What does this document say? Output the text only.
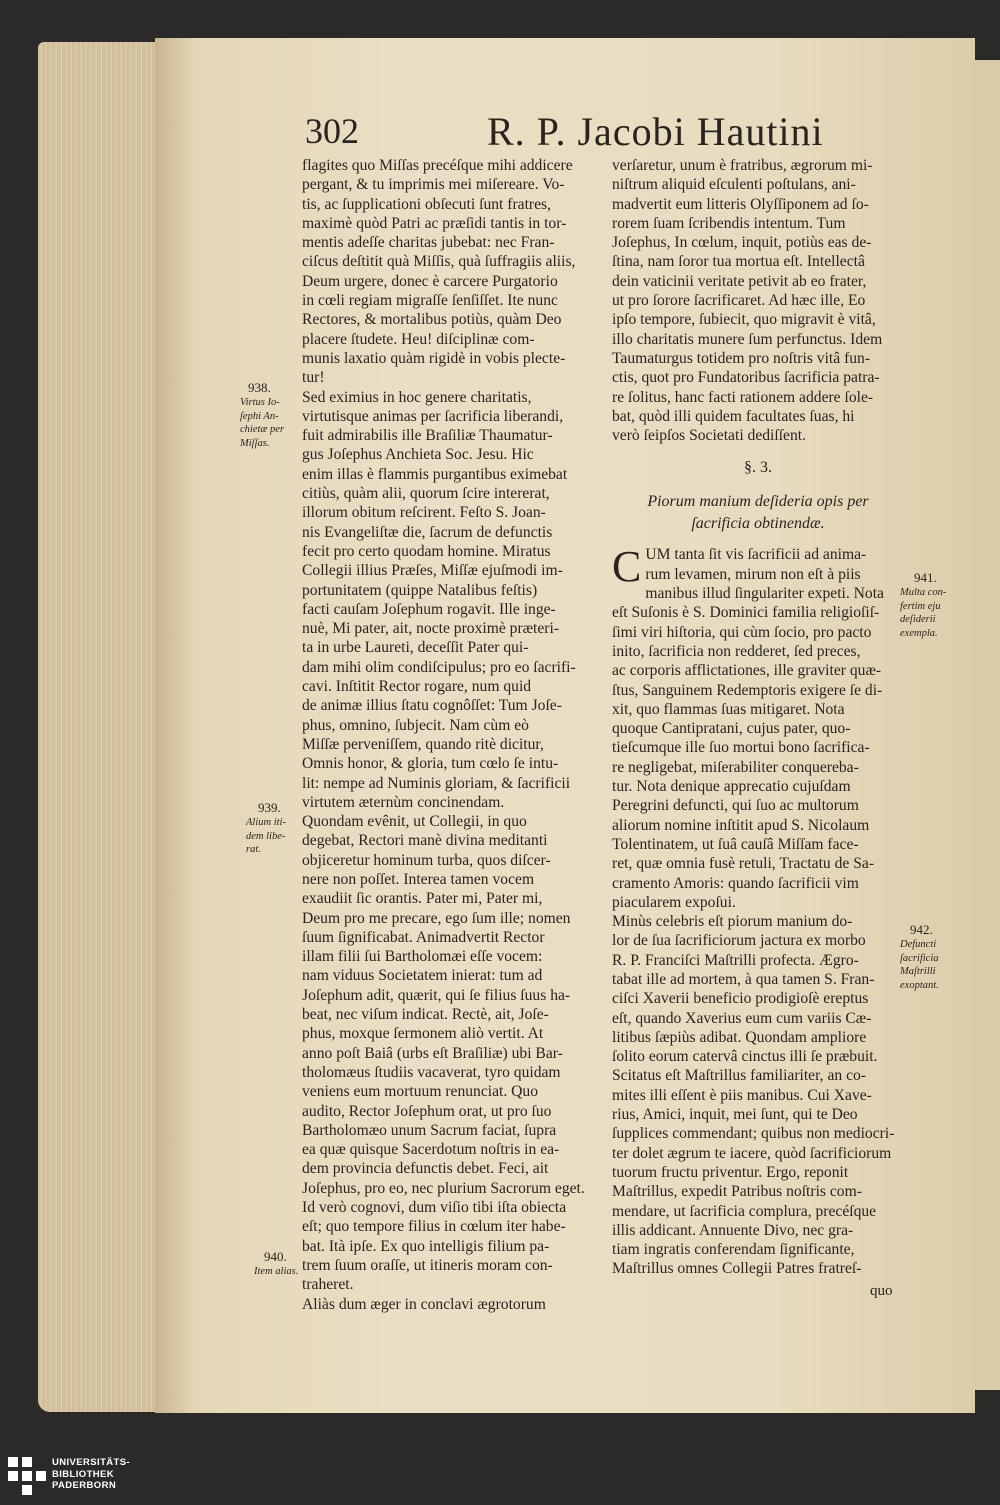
302	R. P. Jacobi Hautini
938.
Virtus Io-
ſephi An-
chietæ per
Miſſas.
939.
Alium iti-
dem libe-
rat.
940.
Item alias.
941.
Multa con-
fertim eju
deſiderii
exempla.
942.
Defuncti
ſacrificia
Maſtrilli
exoptant.
flagites quo Miſſas precéſque mihi addicere
pergant, & tu imprimis mei miſereare. Vo-
tis, ac ſupplicationi obſecuti ſunt fratres,
maximè quòd Patri ac præſidi tantis in tor-
mentis adeſſe charitas jubebat: nec Fran-
ciſcus deſtitit quà Miſſis, quà ſuffragiis aliis,
Deum urgere, donec è carcere Purgatorio
in cœli regiam migraſſe ſenſiſſet. Ite nunc
Rectores, & mortalibus potiùs, quàm Deo
placere ſtudete. Heu! diſciplinæ com-
munis laxatio quàm rigidè in vobis plecte-
tur!
Sed eximius in hoc genere charitatis,
virtutisque animas per ſacrificia liberandi,
fuit admirabilis ille Braſiliæ Thaumatur-
gus Joſephus Anchieta Soc. Jesu. Hic
enim illas è flammis purgantibus eximebat
citiùs, quàm alii, quorum ſcire intererat,
illorum obitum reſcirent. Feſto S. Joan-
nis Evangeliſtæ die, ſacrum de defunctis
fecit pro certo quodam homine. Miratus
Collegii illius Præſes, Miſſæ ejuſmodi im-
portunitatem (quippe Natalibus feſtis)
facti cauſam Joſephum rogavit. Ille inge-
nuè, Mi pater, ait, nocte proximè præteri-
ta in urbe Laureti, deceſſit Pater qui-
dam mihi olim condiſcipulus; pro eo ſacrifi-
cavi. Inſtitit Rector rogare, num quid
de animæ illius ſtatu cognôſſet: Tum Joſe-
phus, omnino, ſubjecit. Nam cùm eò
Miſſæ perveniſſem, quando ritè dicitur,
Omnis honor, & gloria, tum cœlo ſe intu-
lit: nempe ad Numinis gloriam, & ſacrificii
virtutem æternùm concinendam.
Quondam evênit, ut Collegii, in quo
degebat, Rectori manè divina meditanti
objiceretur hominum turba, quos diſcer-
nere non poſſet. Interea tamen vocem
exaudiit ſic orantis. Pater mi, Pater mi,
Deum pro me precare, ego ſum ille; nomen
ſuum ſignificabat. Animadvertit Rector
illam filii ſui Bartholomæi eſſe vocem:
nam viduus Societatem inierat: tum ad
Joſephum adit, quærit, qui ſe filius ſuus ha-
beat, nec viſum indicat. Rectè, ait, Joſe-
phus, moxque ſermonem aliò vertit. At
anno poſt Baiâ (urbs eſt Braſiliæ) ubi Bar-
tholomæus ſtudiis vacaverat, tyro quidam
veniens eum mortuum renunciat. Quo
audito, Rector Joſephum orat, ut pro ſuo
Bartholomæo unum Sacrum faciat, ſupra
ea quæ quisque Sacerdotum noſtris in ea-
dem provincia defunctis debet. Feci, ait
Joſephus, pro eo, nec plurium Sacrorum eget.
Id verò cognovi, dum viſio tibi iſta obiecta
eſt; quo tempore filius in cœlum iter habe-
bat. Ità ipſe. Ex quo intelligis filium pa-
trem ſuum oraſſe, ut itineris moram con-
traheret.
Aliàs dum æger in conclavi ægrotorum
verſaretur, unum è fratribus, ægrorum mi-
niſtrum aliquid eſculenti poſtulans, ani-
madvertit eum litteris Olyſſiponem ad ſo-
rorem ſuam ſcribendis intentum. Tum
Joſephus, In cœlum, inquit, potiùs eas de-
ſtina, nam ſoror tua mortua eſt. Intellectâ
dein vaticinii veritate petivit ab eo frater,
ut pro ſorore ſacrificaret. Ad hæc ille, Eo
ipſo tempore, ſubiecit, quo migravit è vitâ,
illo charitatis munere ſum perfunctus. Idem
Taumaturgus totidem pro noſtris vitâ fun-
ctis, quot pro Fundatoribus ſacrificia patra-
re ſolitus, hanc facti rationem addere ſole-
bat, quòd illi quidem facultates ſuas, hi
verò ſeipſos Societati dediſſent.
§. 3.
Piorum manium deſideria opis per
ſacrificia obtinendæ.
C UM tanta ſit vis ſacrificii ad anima-
rum levamen, mirum non eſt à piis
manibus illud ſingulariter expeti. Nota
eſt Suſonis è S. Dominici familia religioſiſ-
ſimi viri hiſtoria, qui cùm ſocio, pro pacto
inito, ſacrificia non redderet, ſed preces,
ac corporis afflictationes, ille graviter quæ-
ſtus, Sanguinem Redemptoris exigere ſe di-
xit, quo flammas ſuas mitigaret. Nota
quoque Cantipratani, cujus pater, quo-
tieſcumque ille ſuo mortui bono ſacrifica-
re negligebat, miſerabiliter conquereba-
tur. Nota denique apprecatio cujuſdam
Peregrini defuncti, qui ſuo ac multorum
aliorum nomine inſtitit apud S. Nicolaum
Tolentinatem, ut ſuâ cauſâ Miſſam face-
ret, quæ omnia fusè retuli, Tractatu de Sa-
cramento Amoris: quando ſacrificii vim
piacularem expoſui.
Minùs celebris eſt piorum manium do-
lor de ſua ſacrificiorum jactura ex morbo
R. P. Franciſci Maſtrilli profecta. Ægro-
tabat ille ad mortem, à qua tamen S. Fran-
ciſci Xaverii beneficio prodigioſè ereptus
eſt, quando Xaverius eum cum variis Cæ-
litibus ſæpiùs adibat. Quondam ampliore
ſolito eorum catervâ cinctus illi ſe præbuit.
Scitatus eſt Maſtrillus familiariter, an co-
mites illi eſſent è piis manibus. Cui Xave-
rius, Amici, inquit, mei ſunt, qui te Deo
ſupplices commendant; quibus non mediocri-
ter dolet ægrum te iacere, quòd ſacrificiorum
tuorum fructu priventur. Ergo, reponit
Maſtrillus, expedit Patribus noſtris com-
mendare, ut ſacrificia complura, precéſque
illis addicant. Annuente Divo, nec gra-
tiam ingratis conferendam ſignificante,
Maſtrillus omnes Collegii Patres fratreſ-
quo
UNIVERSITÄTS-
BIBLIOTHEK
PADERBORN
